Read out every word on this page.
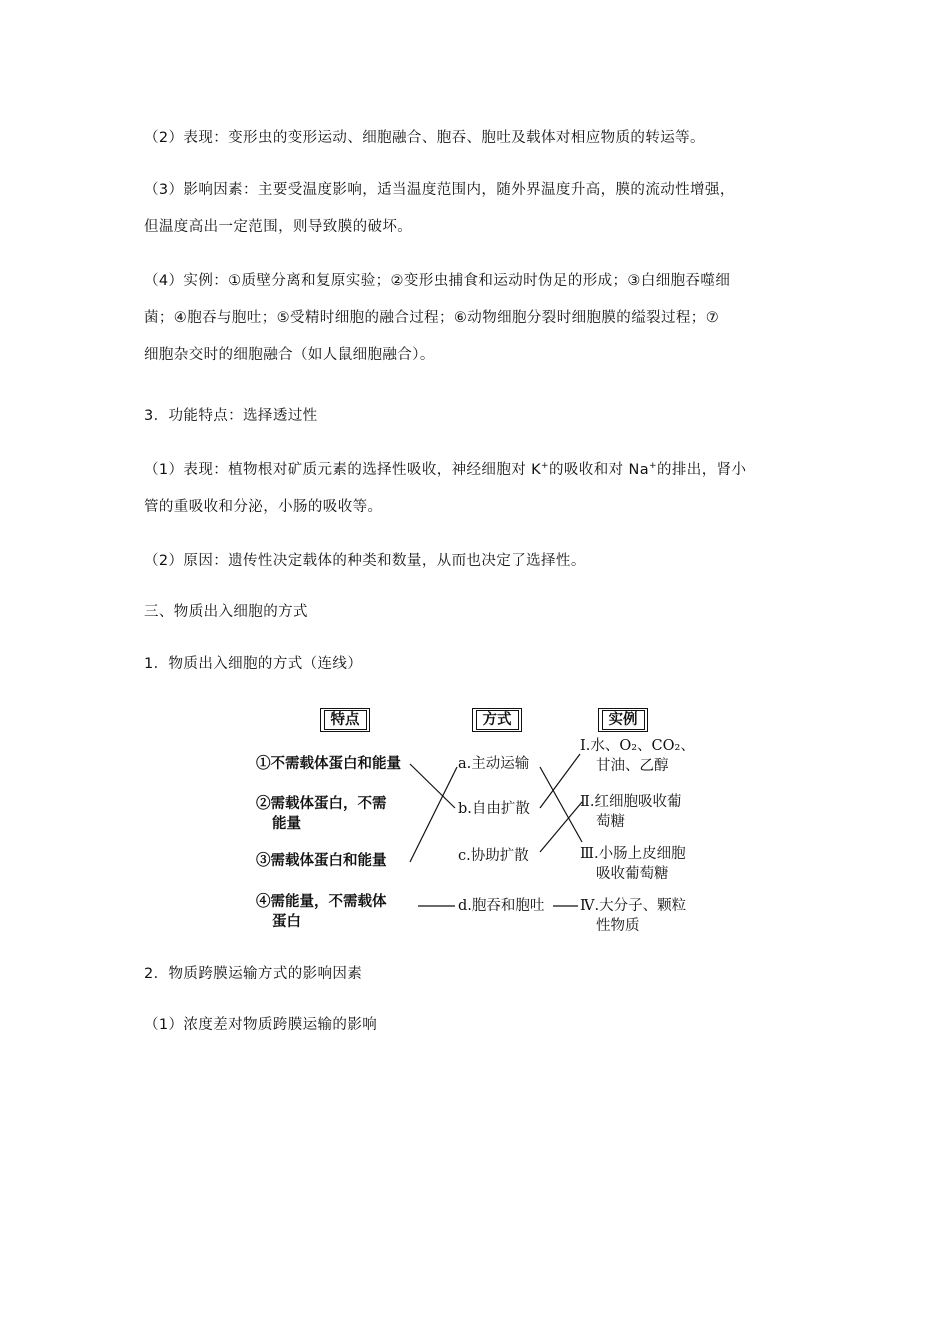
（2）表现：变形虫的变形运动、细胞融合、胞吞、胞吐及载体对相应物质的转运等。
（3）影响因素：主要受温度影响，适当温度范围内，随外界温度升高，膜的流动性增强，
但温度高出一定范围，则导致膜的破坏。
（4）实例：①质壁分离和复原实验；②变形虫捕食和运动时伪足的形成；③白细胞吞噬细
菌；④胞吞与胞吐；⑤受精时细胞的融合过程；⑥动物细胞分裂时细胞膜的缢裂过程；⑦
细胞杂交时的细胞融合（如人鼠细胞融合）。
3．功能特点：选择透过性
（1）表现：植物根对矿质元素的选择性吸收，神经细胞对 K+的吸收和对 Na+的排出，肾小
管的重吸收和分泌，小肠的吸收等。
（2）原因：遗传性决定载体的种类和数量，从而也决定了选择性。
三、物质出入细胞的方式
1．物质出入细胞的方式（连线）
特点	方式	实例
①不需载体蛋白和能量
②需载体蛋白，不需
能量
③需载体蛋白和能量
④需能量，不需载体
蛋白
a.主动运输
b.自由扩散
c.协助扩散
d.胞吞和胞吐
Ⅰ.水、O₂、CO₂、
甘油、乙醇
Ⅱ.红细胞吸收葡
萄糖
Ⅲ.小肠上皮细胞
吸收葡萄糖
Ⅳ.大分子、颗粒
性物质
2．物质跨膜运输方式的影响因素
（1）浓度差对物质跨膜运输的影响
